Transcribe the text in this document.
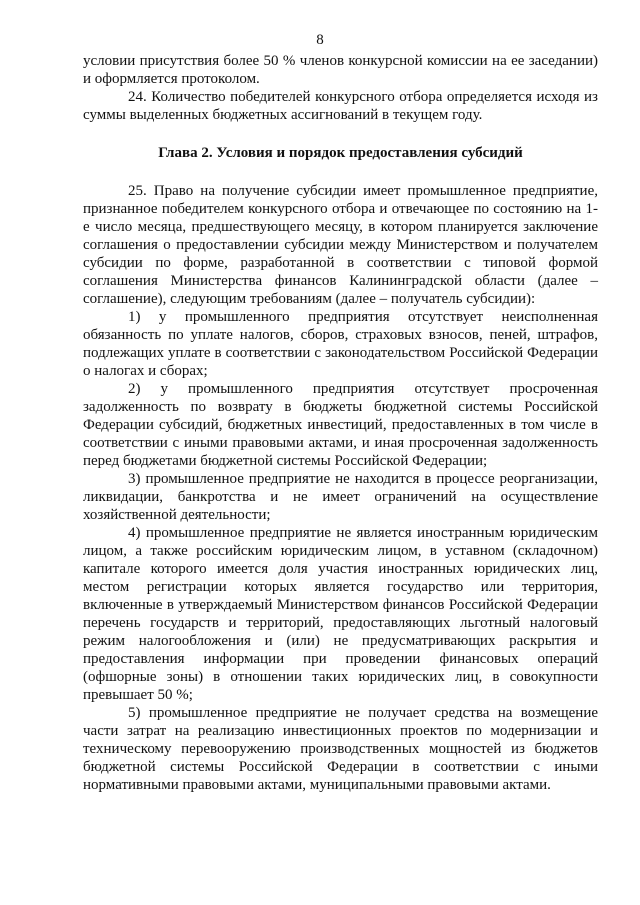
8

условии присутствия более 50 % членов конкурсной комиссии на ее заседании) и оформляется протоколом.

24. Количество победителей конкурсного отбора определяется исходя из суммы выделенных бюджетных ассигнований в текущем году.

Глава 2. Условия и порядок предоставления субсидий

25. Право на получение субсидии имеет промышленное предприятие, признанное победителем конкурсного отбора и отвечающее по состоянию на 1-е число месяца, предшествующего месяцу, в котором планируется заключение соглашения о предоставлении субсидии между Министерством и получателем субсидии по форме, разработанной в соответствии с типовой формой соглашения Министерства финансов Калининградской области (далее – соглашение), следующим требованиям (далее – получатель субсидии):

1) у промышленного предприятия отсутствует неисполненная обязанность по уплате налогов, сборов, страховых взносов, пеней, штрафов, подлежащих уплате в соответствии с законодательством Российской Федерации о налогах и сборах;

2) у промышленного предприятия отсутствует просроченная задолженность по возврату в бюджеты бюджетной системы Российской Федерации субсидий, бюджетных инвестиций, предоставленных в том числе в соответствии с иными правовыми актами, и иная просроченная задолженность перед бюджетами бюджетной системы Российской Федерации;

3) промышленное предприятие не находится в процессе реорганизации, ликвидации, банкротства и не имеет ограничений на осуществление хозяйственной деятельности;

4) промышленное предприятие не является иностранным юридическим лицом, а также российским юридическим лицом, в уставном (складочном) капитале которого имеется доля участия иностранных юридических лиц, местом регистрации которых является государство или территория, включенные в утверждаемый Министерством финансов Российской Федерации перечень государств и территорий, предоставляющих льготный налоговый режим налогообложения и (или) не предусматривающих раскрытия и предоставления информации при проведении финансовых операций (офшорные зоны) в отношении таких юридических лиц, в совокупности превышает 50 %;

5) промышленное предприятие не получает средства на возмещение части затрат на реализацию инвестиционных проектов по модернизации и техническому перевооружению производственных мощностей из бюджетов бюджетной системы Российской Федерации в соответствии с иными нормативными правовыми актами, муниципальными правовыми актами.
